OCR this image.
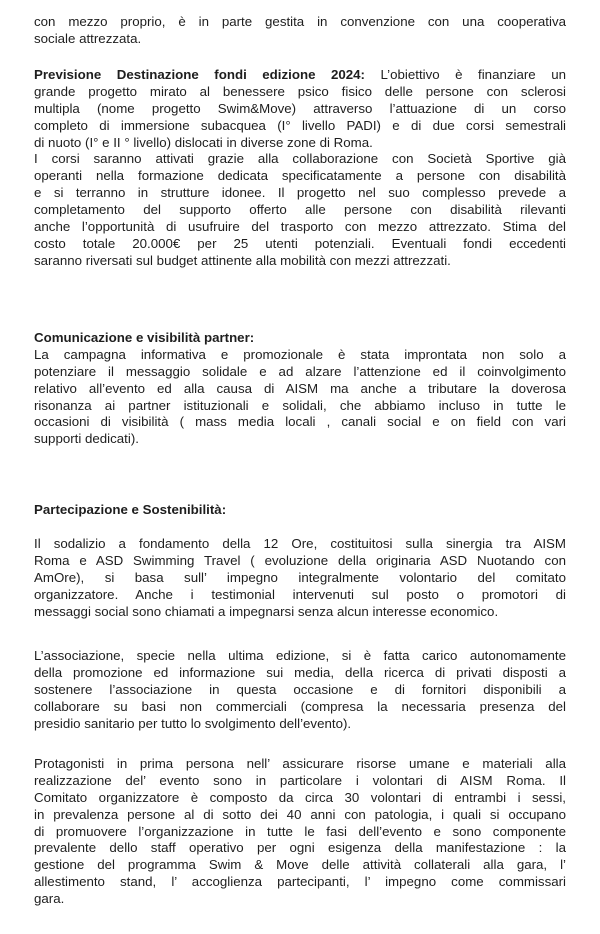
con mezzo proprio, è in parte gestita in convenzione con una cooperativa
sociale attrezzata.
Previsione Destinazione fondi edizione 2024: L’obiettivo è finanziare un
grande progetto mirato al benessere psico fisico delle persone con sclerosi
multipla (nome progetto Swim&Move) attraverso l’attuazione di un corso
completo di immersione subacquea (I° livello PADI) e di due corsi semestrali
di nuoto (I° e II ° livello) dislocati in diverse zone di Roma.
I corsi saranno attivati grazie alla collaborazione con Società Sportive già
operanti nella formazione dedicata specificatamente a persone con disabilità
e si terranno in strutture idonee. Il progetto nel suo complesso prevede a
completamento del supporto offerto alle persone con disabilità rilevanti
anche l’opportunità di usufruire del trasporto con mezzo attrezzato. Stima del
costo totale 20.000€ per 25 utenti potenziali. Eventuali fondi eccedenti
saranno riversati sul budget attinente alla mobilità con mezzi attrezzati.
Comunicazione e visibilità partner:
La campagna informativa e promozionale è stata improntata non solo a
potenziare il messaggio solidale e ad alzare l’attenzione ed il coinvolgimento
relativo all’evento ed alla causa di AISM ma anche a tributare la doverosa
risonanza ai partner istituzionali e solidali, che abbiamo incluso in tutte le
occasioni di visibilità ( mass media locali , canali social e on field con vari
supporti dedicati).
Partecipazione e Sostenibilità:
Il sodalizio a fondamento della 12 Ore, costituitosi sulla sinergia tra AISM
Roma e ASD Swimming Travel ( evoluzione della originaria ASD Nuotando con
AmOre), si basa sull’ impegno integralmente volontario del comitato
organizzatore. Anche i testimonial intervenuti sul posto o promotori di
messaggi social sono chiamati a impegnarsi senza alcun interesse economico.
L’associazione, specie nella ultima edizione, si è fatta carico autonomamente
della promozione ed informazione sui media, della ricerca di privati disposti a
sostenere l’associazione in questa occasione e di fornitori disponibili a
collaborare su basi non commerciali (compresa la necessaria presenza del
presidio sanitario per tutto lo svolgimento dell’evento).
Protagonisti in prima persona nell’ assicurare risorse umane e materiali alla
realizzazione del’ evento sono in particolare i volontari di AISM Roma. Il
Comitato organizzatore è composto da circa 30 volontari di entrambi i sessi,
in prevalenza persone al di sotto dei 40 anni con patologia, i quali si occupano
di promuovere l’organizzazione in tutte le fasi dell’evento e sono componente
prevalente dello staff operativo per ogni esigenza della manifestazione : la
gestione del programma Swim & Move delle attività collaterali alla gara, l’
allestimento stand, l’ accoglienza partecipanti, l’ impegno come commissari
gara.
